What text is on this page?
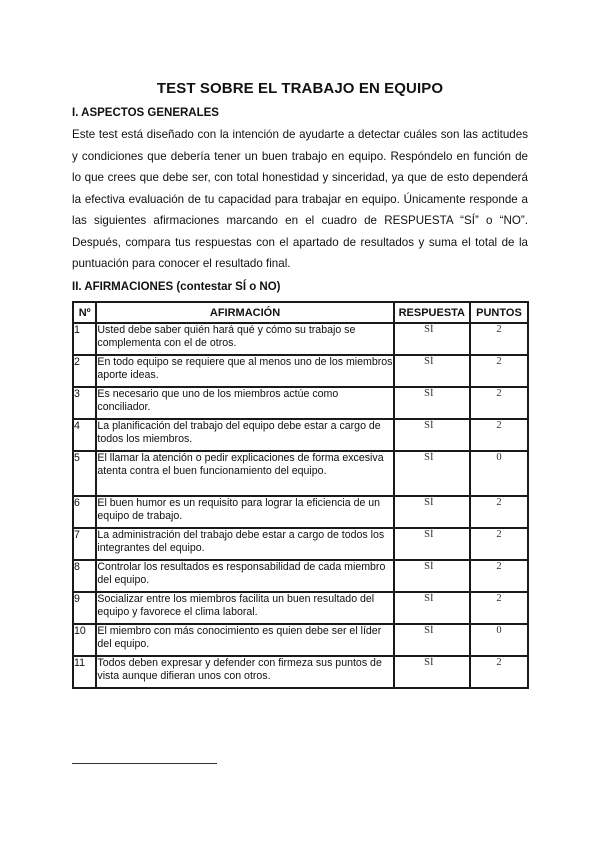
TEST SOBRE EL TRABAJO EN EQUIPO
I. ASPECTOS GENERALES

Este test está diseñado con la intención de ayudarte a detectar cuáles son las actitudes y condiciones que debería tener un buen trabajo en equipo. Respóndelo en función de lo que crees que debe ser, con total honestidad y sinceridad, ya que de esto dependerá la efectiva evaluación de tu capacidad para trabajar en equipo. Únicamente responde a las siguientes afirmaciones marcando en el cuadro de RESPUESTA “SÍ” o “NO”. Después, compara tus respuestas con el apartado de resultados y suma el total de la puntuación para conocer el resultado final.

II. AFIRMACIONES (contestar SÍ o NO)
Nº	AFIRMACIÓN	RESPUESTA	PUNTOS
1	Usted debe saber quién hará qué y cómo su trabajo se complementa con el de otros.	SÍ	2
2	En todo equipo se requiere que al menos uno de los miembros aporte ideas.	SÍ	2
3	Es necesario que uno de los miembros actúe como conciliador.	SÍ	2
4	La planificación del trabajo del equipo debe estar a cargo de todos los miembros.	SÍ	2
5	El llamar la atención o pedir explicaciones de forma excesiva atenta contra el buen funcionamiento del equipo.	SÍ	0
6	El buen humor es un requisito para lograr la eficiencia de un equipo de trabajo.	SÍ	2
7	La administración del trabajo debe estar a cargo de todos los integrantes del equipo.	SÍ	2
8	Controlar los resultados es responsabilidad de cada miembro del equipo.	SÍ	2
9	Socializar entre los miembros facilita un buen resultado del equipo y favorece el clima laboral.	SÍ	2
10	El miembro con más conocimiento es quien debe ser el líder del equipo.	SÍ	0
11	Todos deben expresar y defender con firmeza sus puntos de vista aunque difieran unos con otros.	SÍ	2
